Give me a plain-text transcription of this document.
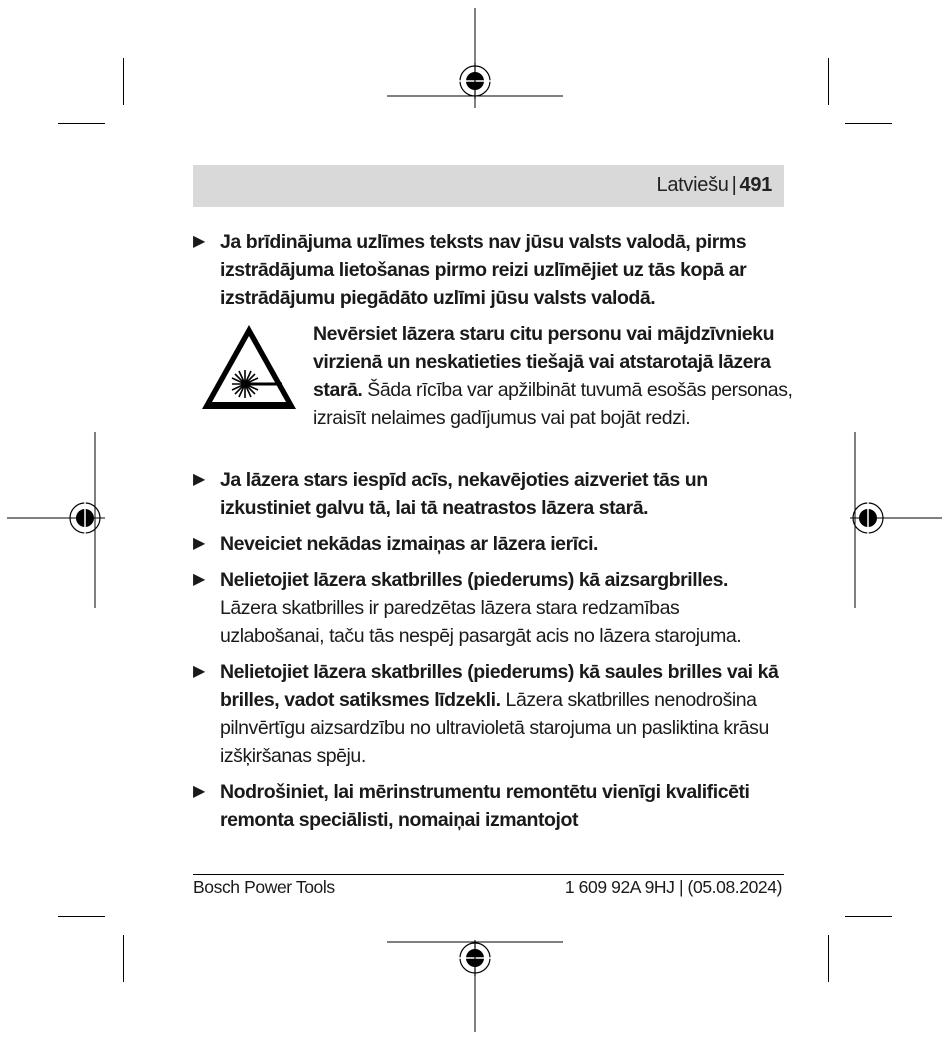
Latviešu | 491
▶ Ja brīdinājuma uzlīmes teksts nav jūsu valsts valodā, pirms izstrādājuma lietošanas pirmo reizi uzlīmējiet uz tās kopā ar izstrādājumu piegādāto uzlīmi jūsu valsts valodā.
Nevērsiet lāzera staru citu personu vai mājdzīvnieku virzienā un neskatieties tiešajā vai atstarotajā lāzera starā. Šāda rīcība var apžilbināt tuvumā esošās personas, izraisīt nelaimes gadījumus vai pat bojāt redzi.
▶ Ja lāzera stars iespīd acīs, nekavējoties aizveriet tās un izkustiniet galvu tā, lai tā neatrastos lāzera starā.
▶ Neveiciet nekādas izmaiņas ar lāzera ierīci.
▶ Nelietojiet lāzera skatbrilles (piederums) kā aizsargbrilles. Lāzera skatbrilles ir paredzētas lāzera stara redzamības uzlabošanai, taču tās nespēj pasargāt acis no lāzera starojuma.
▶ Nelietojiet lāzera skatbrilles (piederums) kā saules brilles vai kā brilles, vadot satiksmes līdzekli. Lāzera skatbrilles nenodrošina pilnvērtīgu aizsardzību no ultravioletā starojuma un pasliktina krāsu izšķiršanas spēju.
▶ Nodrošiniet, lai mērinstrumentu remontētu vienīgi kvalificēti remonta speciālisti, nomaiņai izmantojot
Bosch Power Tools	1 609 92A 9HJ | (05.08.2024)
